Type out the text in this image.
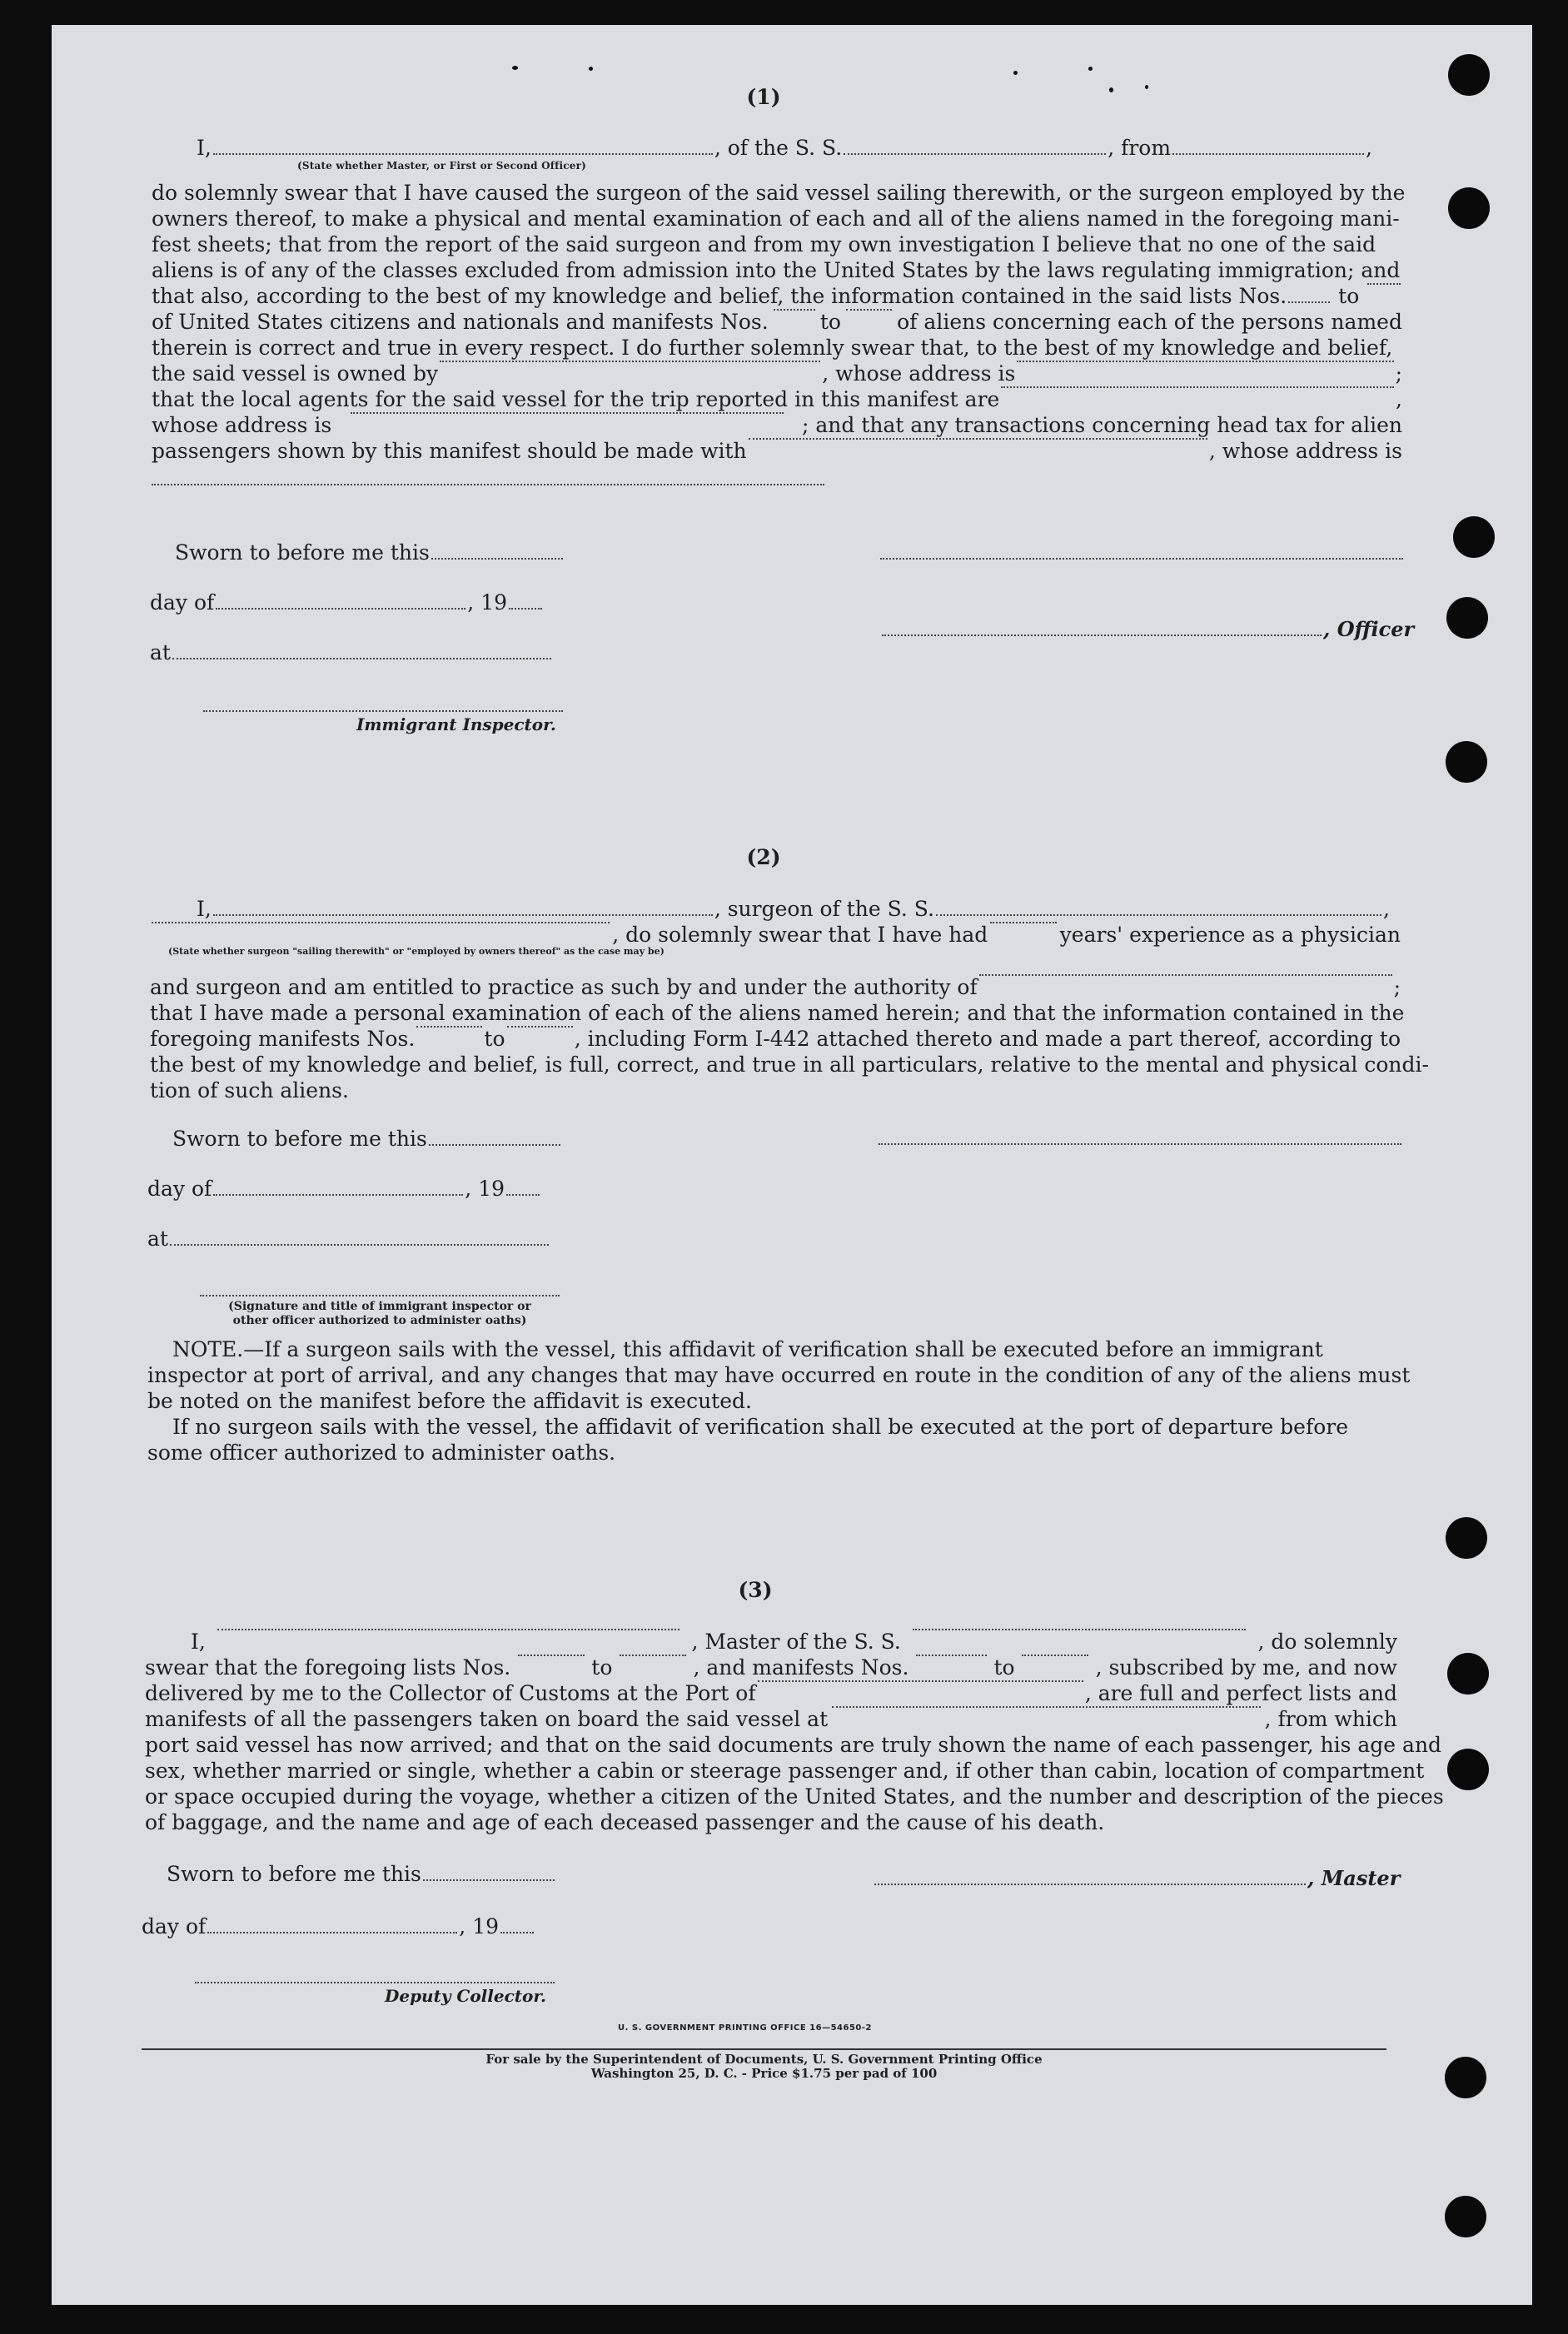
(1)
I,	, of the S. S.	, from	,
(State whether Master, or First or Second Officer)
do solemnly swear that I have caused the surgeon of the said vessel sailing therewith, or the surgeon employed by the
owners thereof, to make a physical and mental examination of each and all of the aliens named in the foregoing mani-
fest sheets; that from the report of the said surgeon and from my own investigation I believe that no one of the said
aliens is of any of the classes excluded from admission into the United States by the laws regulating immigration; and
that also, according to the best of my knowledge and belief, the information contained in the said lists Nos. to
of United States citizens and nationals and manifests Nos. to	of aliens concerning each of the persons named
therein is correct and true in every respect. I do further solemnly swear that, to the best of my knowledge and belief,
the said vessel is owned by	, whose address is	;
that the local agents for the said vessel for the trip reported in this manifest are	,
whose address is	; and that any transactions concerning head tax for alien
passengers shown by this manifest should be made with	, whose address is
Sworn to before me this
day of	, 19
at
Immigrant Inspector.
, Officer
(2)
I,	, surgeon of the S. S.	,
, do solemnly swear that I have had	years' experience as a physician
(State whether surgeon "sailing therewith" or "employed by owners thereof" as the case may be)
and surgeon and am entitled to practice as such by and under the authority of	;
that I have made a personal examination of each of the aliens named herein; and that the information contained in the
foregoing manifests Nos.	to	, including Form I-442 attached thereto and made a part thereof, according to
the best of my knowledge and belief, is full, correct, and true in all particulars, relative to the mental and physical condi-
tion of such aliens.
Sworn to before me this
day of	, 19
at
(Signature and title of immigrant inspector or
other officer authorized to administer oaths)
NOTE.—If a surgeon sails with the vessel, this affidavit of verification shall be executed before an immigrant
inspector at port of arrival, and any changes that may have occurred en route in the condition of any of the aliens must
be noted on the manifest before the affidavit is executed.
If no surgeon sails with the vessel, the affidavit of verification shall be executed at the port of departure before
some officer authorized to administer oaths.
(3)
I,	, Master of the S. S.	, do solemnly
swear that the foregoing lists Nos.	to	, and manifests Nos.	to	, subscribed by me, and now
delivered by me to the Collector of Customs at the Port of	, are full and perfect lists and
manifests of all the passengers taken on board the said vessel at	, from which
port said vessel has now arrived; and that on the said documents are truly shown the name of each passenger, his age and
sex, whether married or single, whether a cabin or steerage passenger and, if other than cabin, location of compartment
or space occupied during the voyage, whether a citizen of the United States, and the number and description of the pieces
of baggage, and the name and age of each deceased passenger and the cause of his death.
Sworn to before me this	, Master
day of	, 19
Deputy Collector.
U. S. GOVERNMENT PRINTING OFFICE 16—54650-2
For sale by the Superintendent of Documents, U. S. Government Printing Office
Washington 25, D. C. - Price $1.75 per pad of 100
